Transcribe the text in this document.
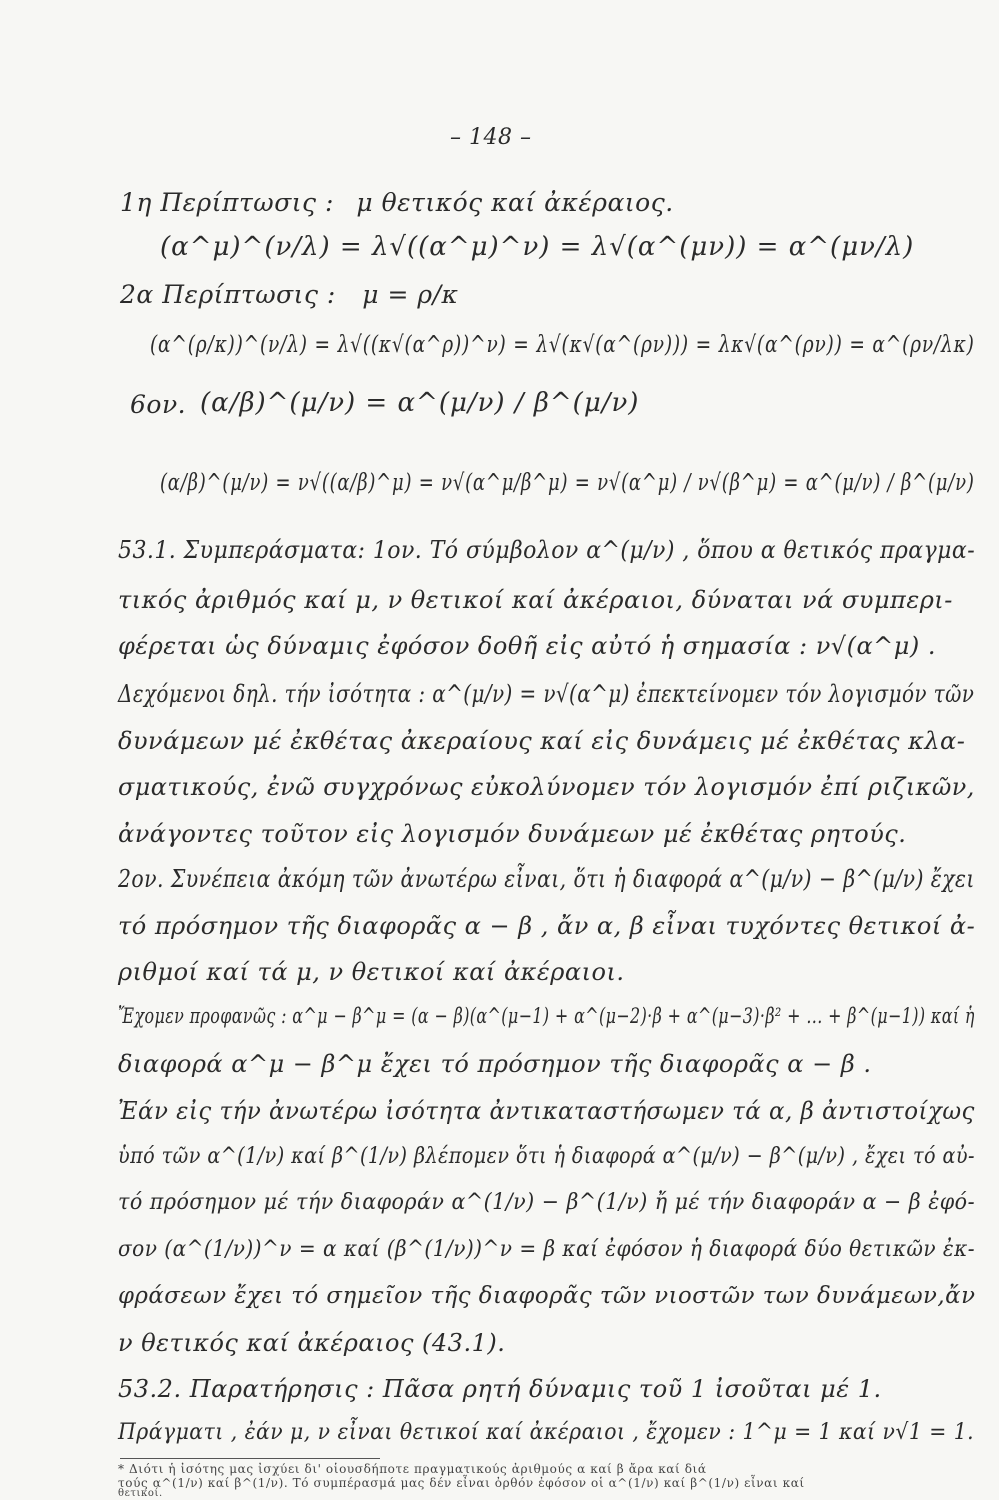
– 148 –
1η Περίπτωσις : μ θετικός καί ἀκέραιος.
(α^μ)^(ν/λ) = λ√((α^μ)^ν) = λ√(α^(μν)) = α^(μν/λ)
2α Περίπτωσις : μ = ρ/κ
(α^(ρ/κ))^(ν/λ) = λ√((κ√(α^ρ))^ν) = λ√(κ√(α^(ρν))) = λκ√(α^(ρν)) = α^(ρν/λκ)
6ον. (α/β)^(μ/ν) = α^(μ/ν) / β^(μ/ν)
(α/β)^(μ/ν) = ν√((α/β)^μ) = ν√(α^μ/β^μ) = ν√(α^μ) / ν√(β^μ) = α^(μ/ν) / β^(μ/ν)
53.1. Συμπεράσματα: 1ον. Τό σύμβολον α^(μ/ν) , ὅπου α θετικός πραγμα-
τικός ἀριθμός καί μ, ν θετικοί καί ἀκέραιοι, δύναται νά συμπερι-
φέρεται ὡς δύναμις ἐφόσον δοθῆ εἰς αὐτό ἡ σημασία : ν√(α^μ) .
Δεχόμενοι δηλ. τήν ἰσότητα : α^(μ/ν) = ν√(α^μ) ἐπεκτείνομεν τόν λογισμόν τῶν
δυνάμεων μέ ἐκθέτας ἀκεραίους καί εἰς δυνάμεις μέ ἐκθέτας κλα-
σματικούς, ἐνῶ συγχρόνως εὐκολύνομεν τόν λογισμόν ἐπί ριζικῶν,
ἀνάγοντες τοῦτον εἰς λογισμόν δυνάμεων μέ ἐκθέτας ρητούς.
2ον. Συνέπεια ἀκόμη τῶν ἀνωτέρω εἶναι, ὅτι ἡ διαφορά α^(μ/ν) − β^(μ/ν) ἔχει
τό πρόσημον τῆς διαφορᾶς α − β , ἄν α, β εἶναι τυχόντες θετικοί ἀ-
ριθμοί καί τά μ, ν θετικοί καί ἀκέραιοι.
Ἔχομεν προφανῶς : α^μ − β^μ = (α − β)(α^(μ−1) + α^(μ−2)·β + α^(μ−3)·β² + ... + β^(μ−1)) καί ἡ
διαφορά α^μ − β^μ ἔχει τό πρόσημον τῆς διαφορᾶς α − β .
Ἐάν εἰς τήν ἀνωτέρω ἰσότητα ἀντικαταστήσωμεν τά α, β ἀντιστοίχως
ὑπό τῶν α^(1/ν) καί β^(1/ν) βλέπομεν ὅτι ἡ διαφορά α^(μ/ν) − β^(μ/ν) , ἔχει τό αὐ-
τό πρόσημον μέ τήν διαφοράν α^(1/ν) − β^(1/ν) ἤ μέ τήν διαφοράν α − β ἐφό-
σον (α^(1/ν))^ν = α καί (β^(1/ν))^ν = β καί ἐφόσον ἡ διαφορά δύο θετικῶν ἐκ-
φράσεων ἔχει τό σημεῖον τῆς διαφορᾶς τῶν νιοστῶν των δυνάμεων,ἄν
ν θετικός καί ἀκέραιος (43.1).
53.2. Παρατήρησις : Πᾶσα ρητή δύναμις τοῦ 1 ἰσοῦται μέ 1.
Πράγματι , ἐάν μ, ν εἶναι θετικοί καί ἀκέραιοι , ἔχομεν : 1^μ = 1 καί ν√1 = 1.
* Διότι ἡ ἰσότης μας ἰσχύει δι' οἱουσδήποτε πραγματικούς ἀριθμούς α καί β ἄρα καί διά
τούς α^(1/ν) καί β^(1/ν). Τό συμπέρασμά μας δέν εἶναι ὀρθόν ἐφόσον οἱ α^(1/ν) καί β^(1/ν) εἶναι καί
θετικοί.
